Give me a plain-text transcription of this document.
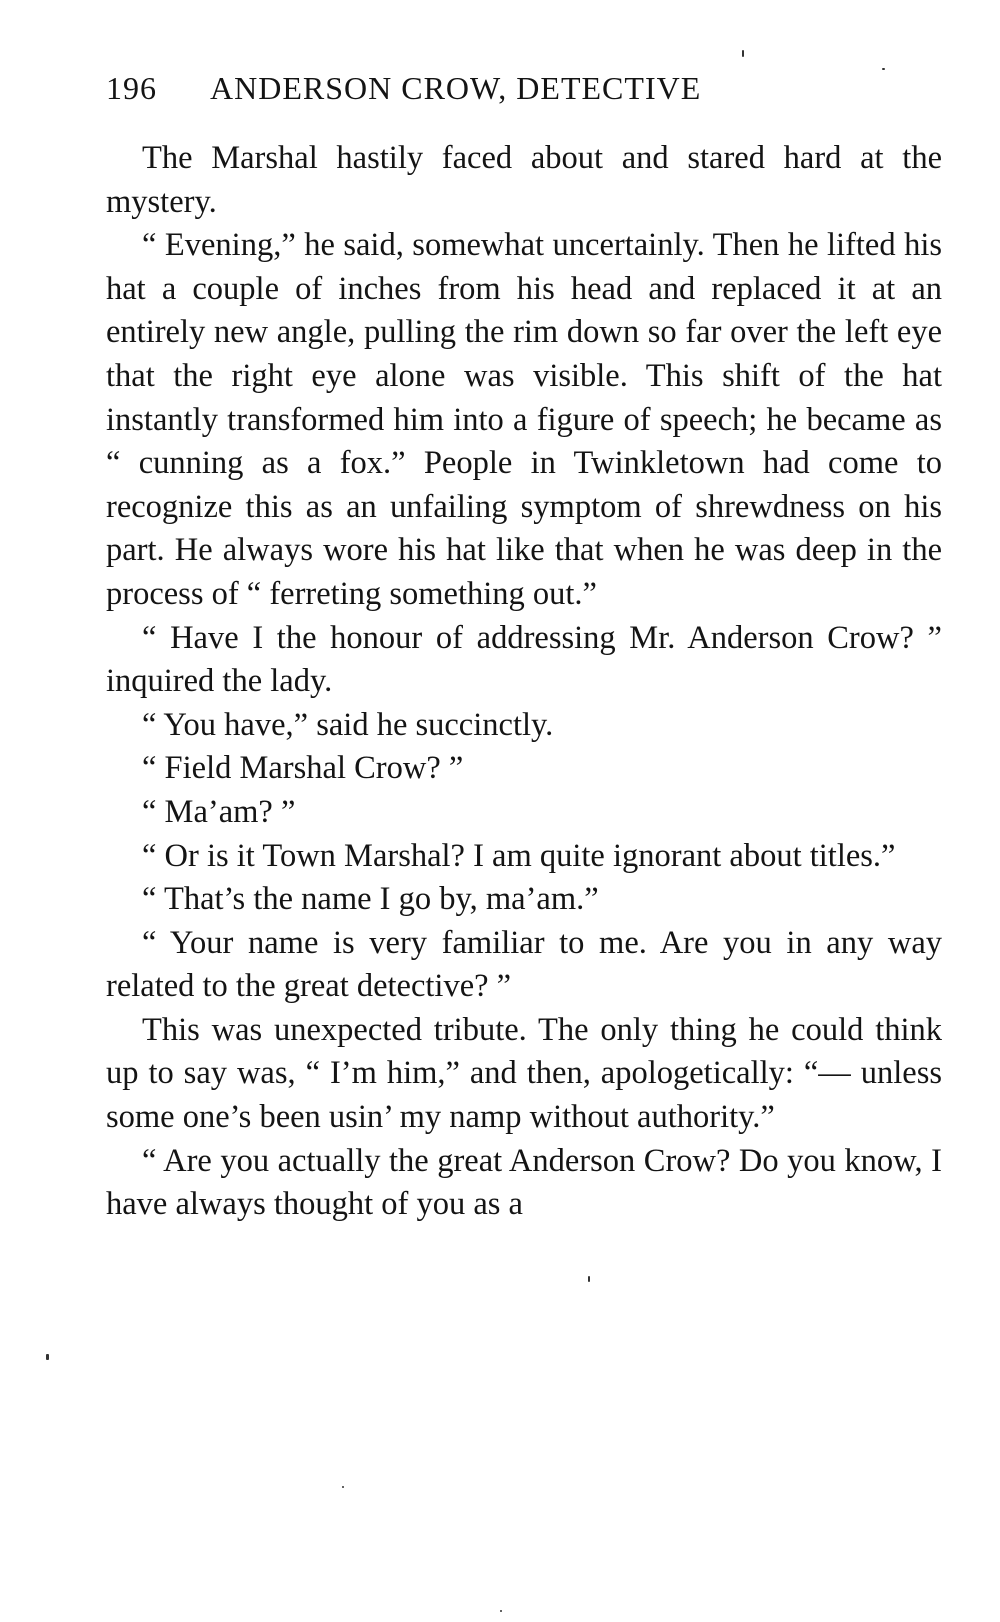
196 ANDERSON CROW, DETECTIVE

The Marshal hastily faced about and stared hard at the mystery.

“ Evening,” he said, somewhat uncertainly. Then he lifted his hat a couple of inches from his head and replaced it at an entirely new angle, pulling the rim down so far over the left eye that the right eye alone was visible. This shift of the hat instantly transformed him into a figure of speech; he became as “ cunning as a fox.” People in Twinkletown had come to recognize this as an unfailing symptom of shrewdness on his part. He always wore his hat like that when he was deep in the process of “ ferreting something out.”

“ Have I the honour of addressing Mr. Anderson Crow? ” inquired the lady.

“ You have,” said he succinctly.

“ Field Marshal Crow? ”

“ Ma’am? ”

“ Or is it Town Marshal? I am quite ignorant about titles.”

“ That’s the name I go by, ma’am.”

“ Your name is very familiar to me. Are you in any way related to the great detective? ”

This was unexpected tribute. The only thing he could think up to say was, “ I’m him,” and then, apologetically: “— unless some one’s been usin’ my namp without authority.”

“ Are you actually the great Anderson Crow? Do you know, I have always thought of you as a
